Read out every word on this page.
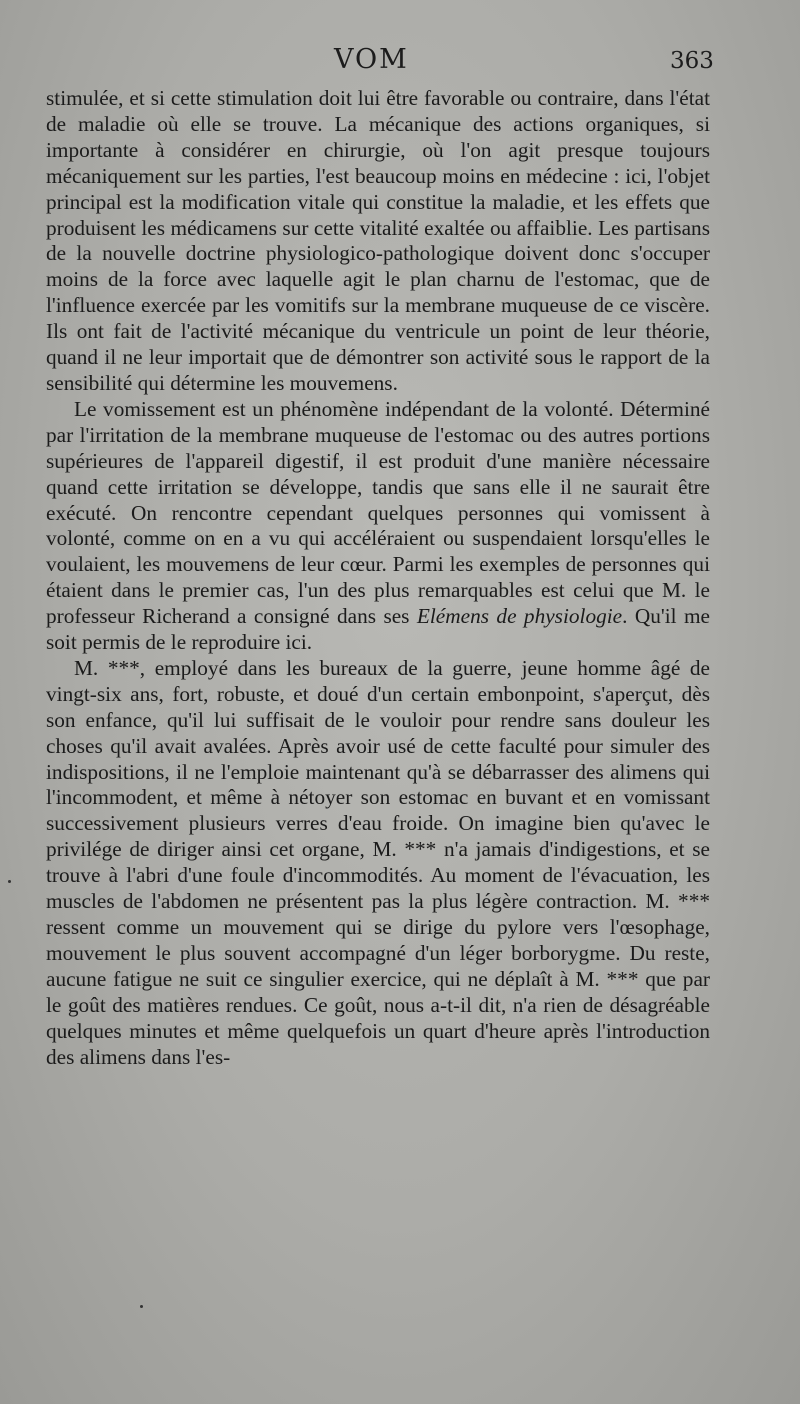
VOM	363

stimulée, et si cette stimulation doit lui être favorable ou contraire, dans l'état de maladie où elle se trouve. La mécanique des actions organiques, si importante à considérer en chirurgie, où l'on agit presque toujours mécaniquement sur les parties, l'est beaucoup moins en médecine : ici, l'objet principal est la modification vitale qui constitue la maladie, et les effets que produisent les médicamens sur cette vitalité exaltée ou affaiblie. Les partisans de la nouvelle doctrine physiologico-pathologique doivent donc s'occuper moins de la force avec laquelle agit le plan charnu de l'estomac, que de l'influence exercée par les vomitifs sur la membrane muqueuse de ce viscère. Ils ont fait de l'activité mécanique du ventricule un point de leur théorie, quand il ne leur importait que de démontrer son activité sous le rapport de la sensibilité qui détermine les mouvemens.

Le vomissement est un phénomène indépendant de la volonté. Déterminé par l'irritation de la membrane muqueuse de l'estomac ou des autres portions supérieures de l'appareil digestif, il est produit d'une manière nécessaire quand cette irritation se développe, tandis que sans elle il ne saurait être exécuté. On rencontre cependant quelques personnes qui vomissent à volonté, comme on en a vu qui accéléraient ou suspendaient lorsqu'elles le voulaient, les mouvemens de leur cœur. Parmi les exemples de personnes qui étaient dans le premier cas, l'un des plus remarquables est celui que M. le professeur Richerand a consigné dans ses Elémens de physiologie. Qu'il me soit permis de le reproduire ici.

M. ***, employé dans les bureaux de la guerre, jeune homme âgé de vingt-six ans, fort, robuste, et doué d'un certain embonpoint, s'aperçut, dès son enfance, qu'il lui suffisait de le vouloir pour rendre sans douleur les choses qu'il avait avalées. Après avoir usé de cette faculté pour simuler des indispositions, il ne l'emploie maintenant qu'à se débarrasser des alimens qui l'incommodent, et même à nétoyer son estomac en buvant et en vomissant successivement plusieurs verres d'eau froide. On imagine bien qu'avec le privilége de diriger ainsi cet organe, M. *** n'a jamais d'indigestions, et se trouve à l'abri d'une foule d'incommodités. Au moment de l'évacuation, les muscles de l'abdomen ne présentent pas la plus légère contraction. M. *** ressent comme un mouvement qui se dirige du pylore vers l'œsophage, mouvement le plus souvent accompagné d'un léger borborygme. Du reste, aucune fatigue ne suit ce singulier exercice, qui ne déplaît à M. *** que par le goût des matières rendues. Ce goût, nous a-t-il dit, n'a rien de désagréable quelques minutes et même quelquefois un quart d'heure après l'introduction des alimens dans l'es-
